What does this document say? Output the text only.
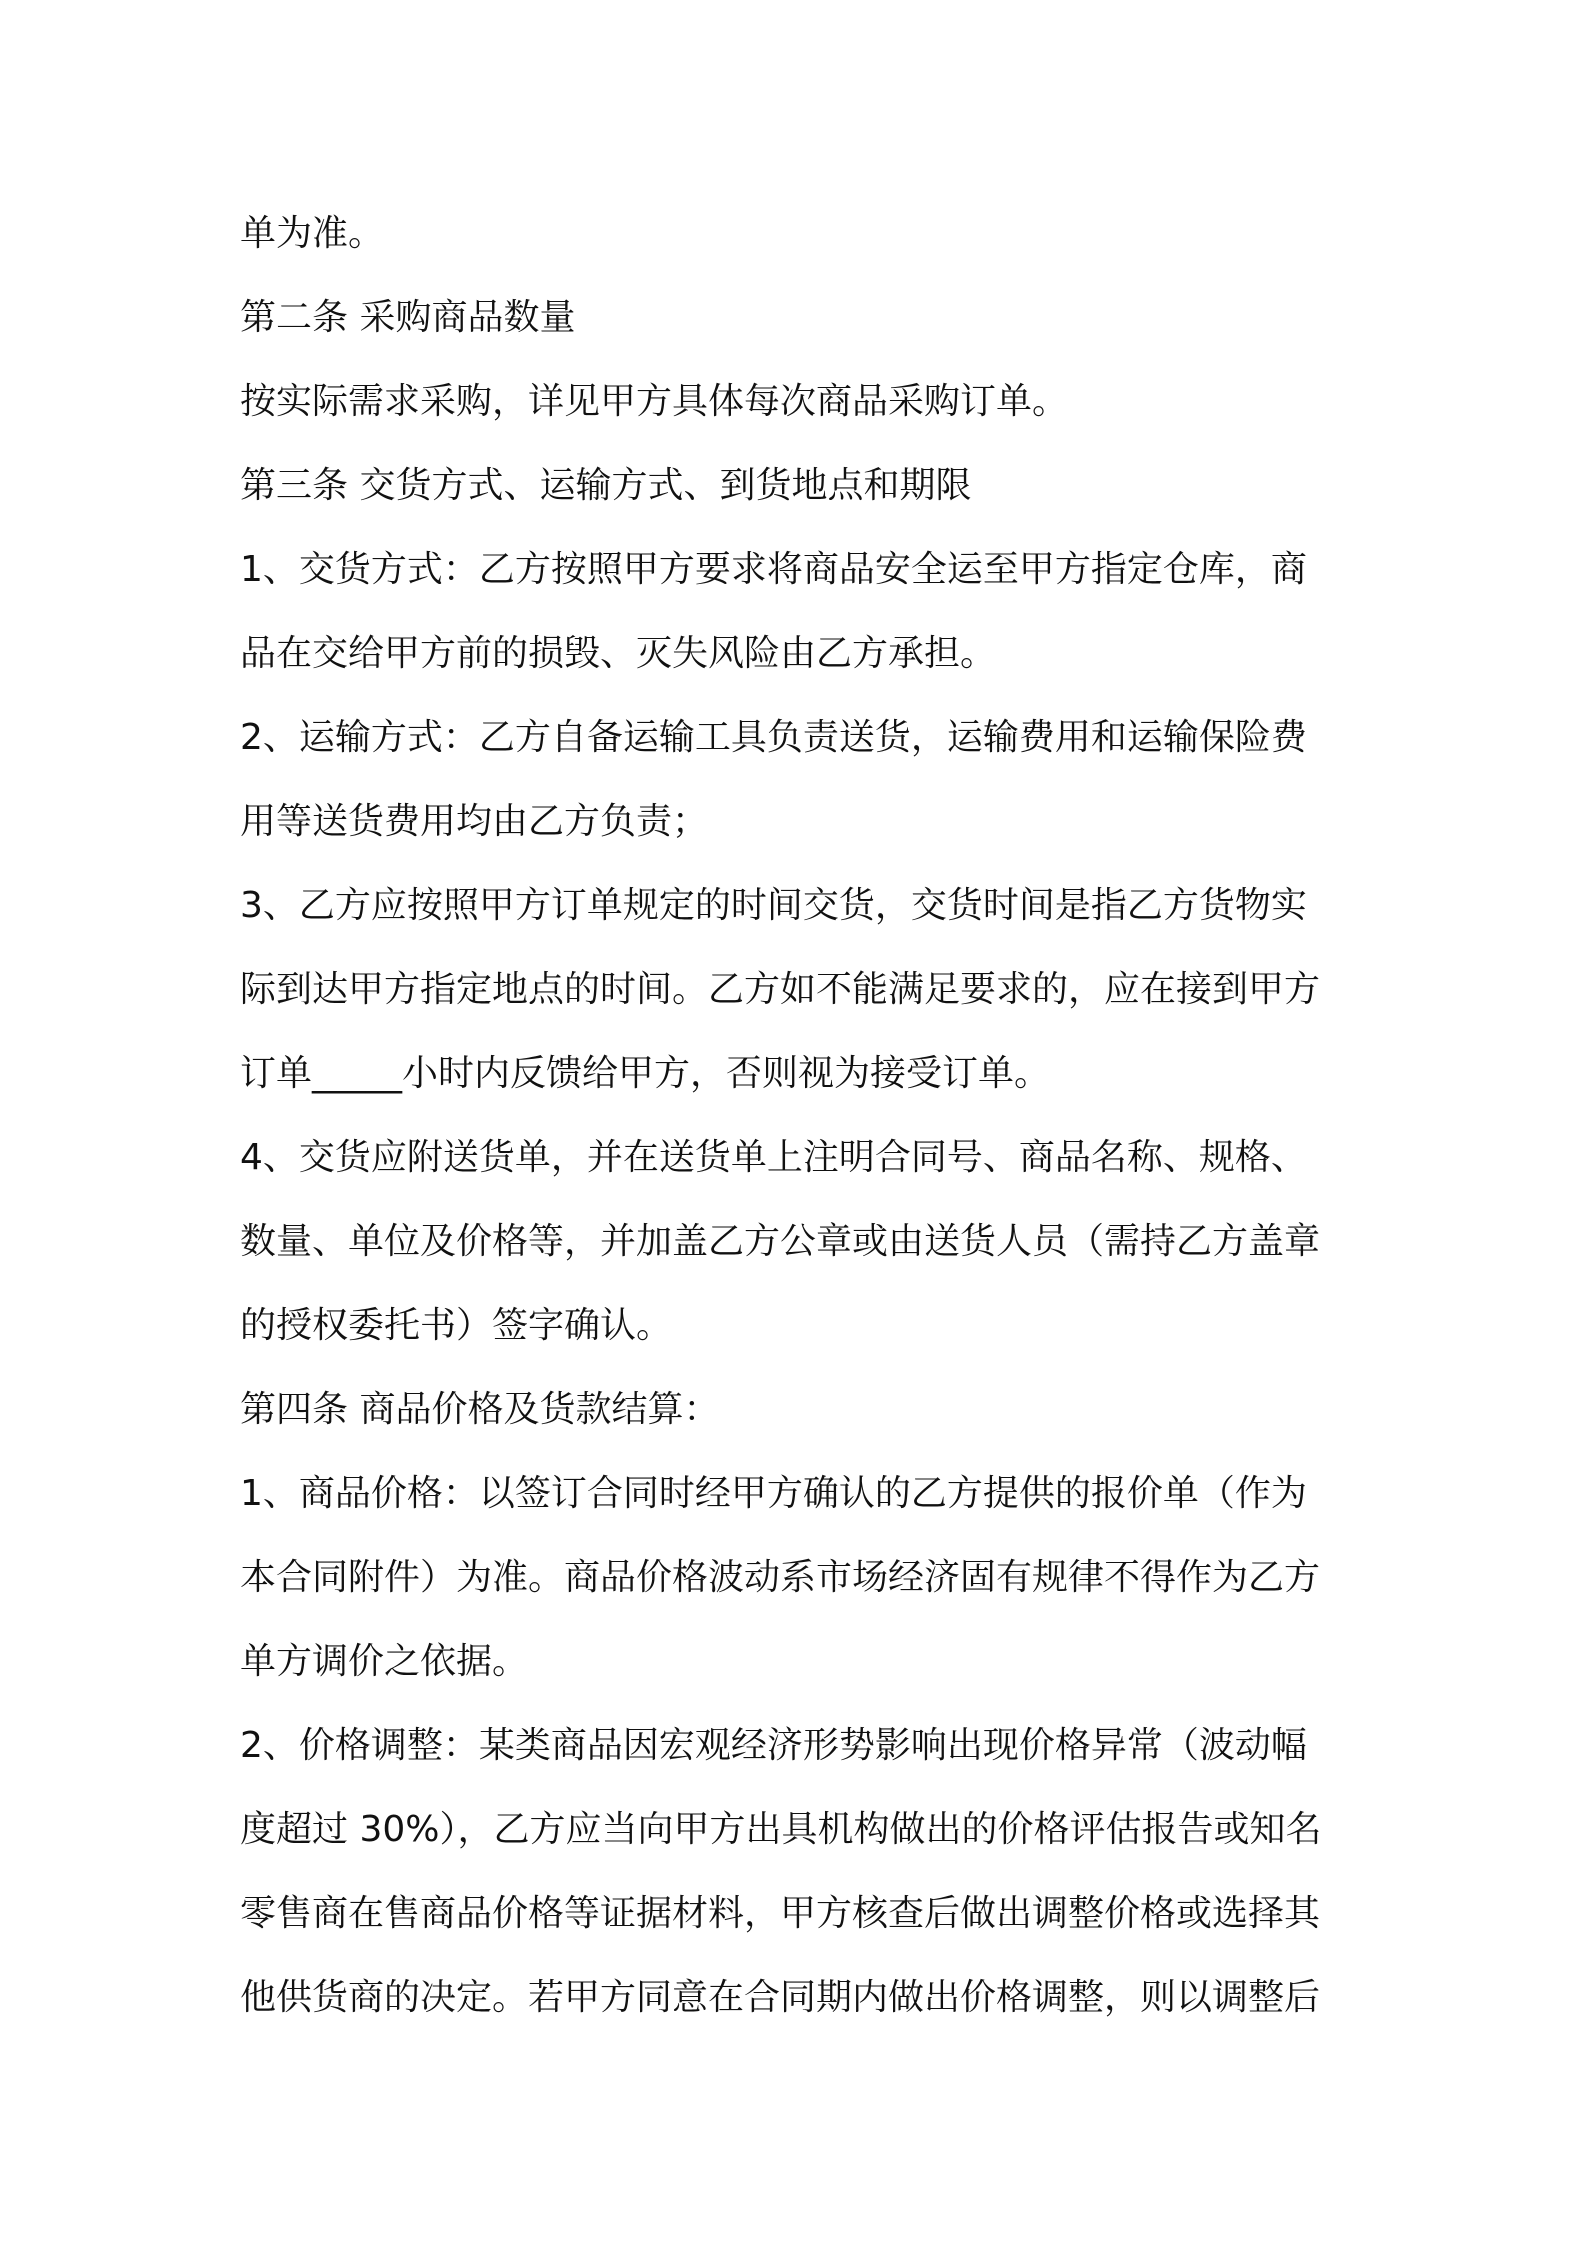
单为准。
第二条 采购商品数量
按实际需求采购，详见甲方具体每次商品采购订单。
第三条 交货方式、运输方式、到货地点和期限
1、交货方式：乙方按照甲方要求将商品安全运至甲方指定仓库，商
品在交给甲方前的损毁、灭失风险由乙方承担。
2、运输方式：乙方自备运输工具负责送货，运输费用和运输保险费
用等送货费用均由乙方负责；
3、乙方应按照甲方订单规定的时间交货，交货时间是指乙方货物实
际到达甲方指定地点的时间。乙方如不能满足要求的，应在接到甲方
订单_____小时内反馈给甲方，否则视为接受订单。
4、交货应附送货单，并在送货单上注明合同号、商品名称、规格、
数量、单位及价格等，并加盖乙方公章或由送货人员（需持乙方盖章
的授权委托书）签字确认。
第四条 商品价格及货款结算：
1、商品价格：以签订合同时经甲方确认的乙方提供的报价单（作为
本合同附件）为准。商品价格波动系市场经济固有规律不得作为乙方
单方调价之依据。
2、价格调整：某类商品因宏观经济形势影响出现价格异常（波动幅
度超过 30%），乙方应当向甲方出具机构做出的价格评估报告或知名
零售商在售商品价格等证据材料，甲方核查后做出调整价格或选择其
他供货商的决定。若甲方同意在合同期内做出价格调整，则以调整后
